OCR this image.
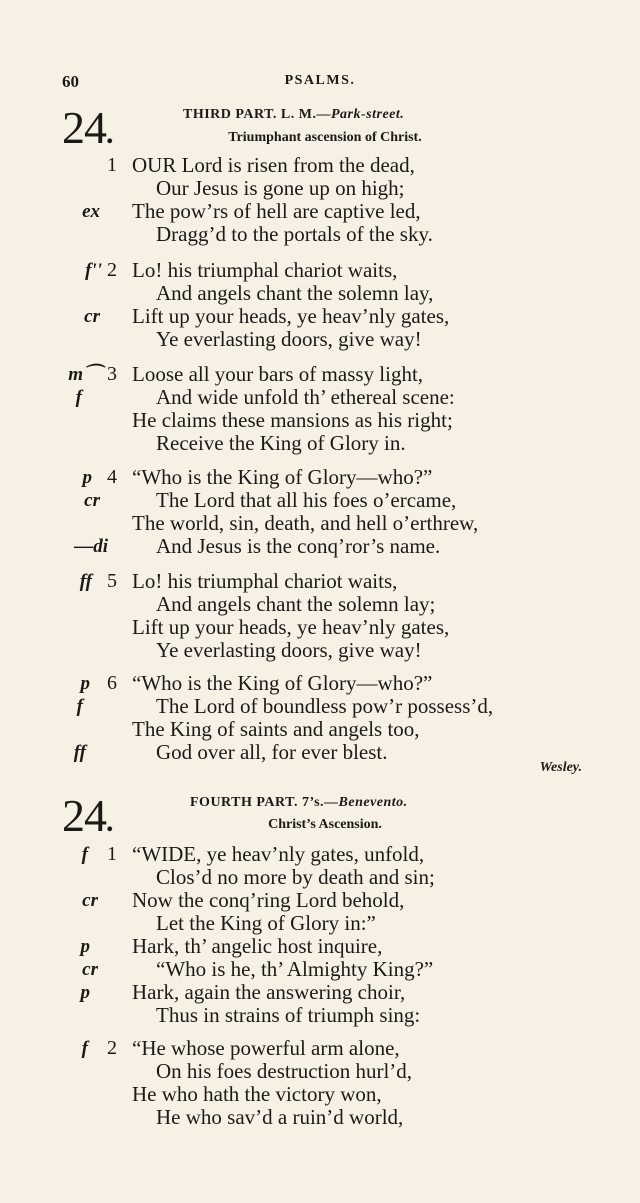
60	PSALMS.
24.
THIRD PART. L. M.—Park-street.
Triumphant ascension of Christ.
1 OUR Lord is risen from the dead,
Our Jesus is gone up on high;
ex The pow’rs of hell are captive led,
Dragg’d to the portals of the sky.
f'' 2 Lo! his triumphal chariot waits,
And angels chant the solemn lay,
cr Lift up your heads, ye heav’nly gates,
Ye everlasting doors, give way!
m⌒ 3 Loose all your bars of massy light,
f	And wide unfold th’ ethereal scene:
He claims these mansions as his right;
Receive the King of Glory in.
p 4 “Who is the King of Glory—who?”
cr	The Lord that all his foes o’ercame,
The world, sin, death, and hell o’erthrew,
—di And Jesus is the conq’ror’s name.
ff 5 Lo! his triumphal chariot waits,
And angels chant the solemn lay;
Lift up your heads, ye heav’nly gates,
Ye everlasting doors, give way!
p 6 “Who is the King of Glory—who?”
f	The Lord of boundless pow’r possess’d,
The King of saints and angels too,
ff	God over all, for ever blest.
Wesley.
24.
FOURTH PART. 7’s.—Benevento.
Christ’s Ascension.
f 1 “WIDE, ye heav’nly gates, unfold,
Clos’d no more by death and sin;
cr Now the conq’ring Lord behold,
Let the King of Glory in:”
p Hark, th’ angelic host inquire,
cr	“Who is he, th’ Almighty King?”
p Hark, again the answering choir,
Thus in strains of triumph sing:
f 2 “He whose powerful arm alone,
On his foes destruction hurl’d,
He who hath the victory won,
He who sav’d a ruin’d world,
